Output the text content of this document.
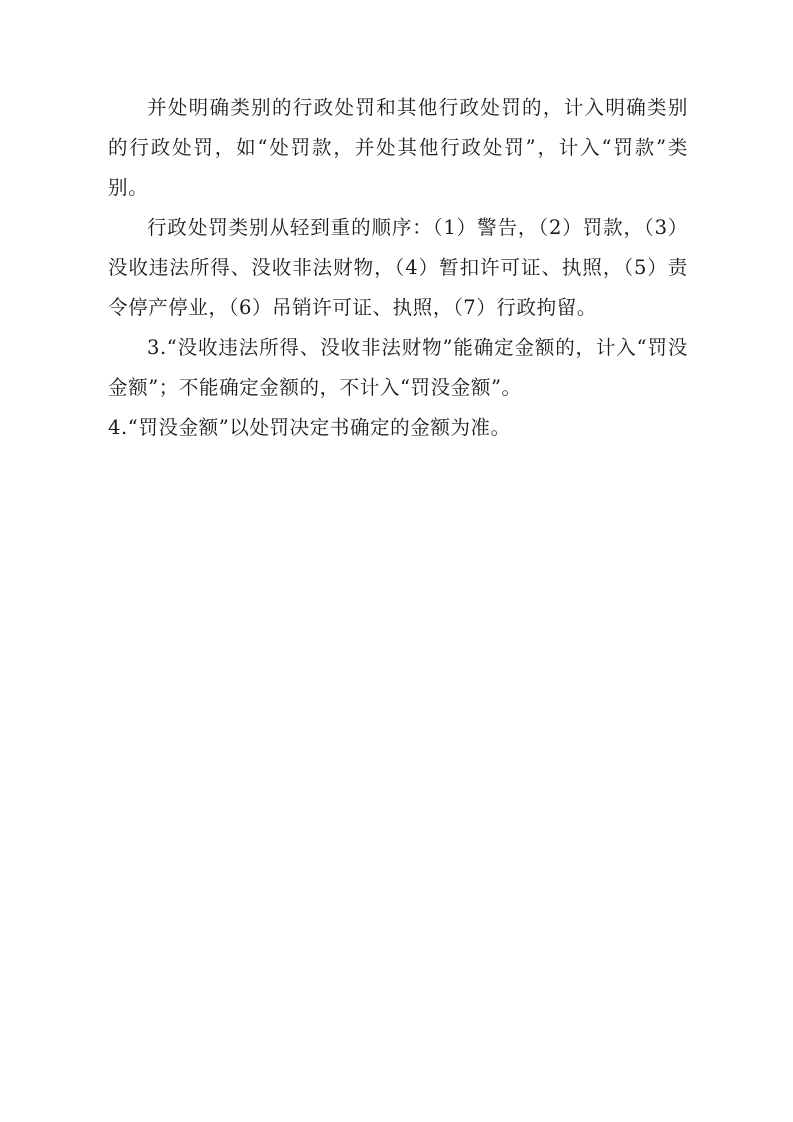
并处明确类别的行政处罚和其他行政处罚的，计入明确类别的行政处罚，如“处罚款，并处其他行政处罚”，计入“罚款”类别。

行政处罚类别从轻到重的顺序：（1）警告，（2）罚款，（3）没收违法所得、没收非法财物，（4）暂扣许可证、执照，（5）责令停产停业，（6）吊销许可证、执照，（7）行政拘留。

3.“没收违法所得、没收非法财物”能确定金额的，计入“罚没金额”；不能确定金额的，不计入“罚没金额”。

4.“罚没金额”以处罚决定书确定的金额为准。
